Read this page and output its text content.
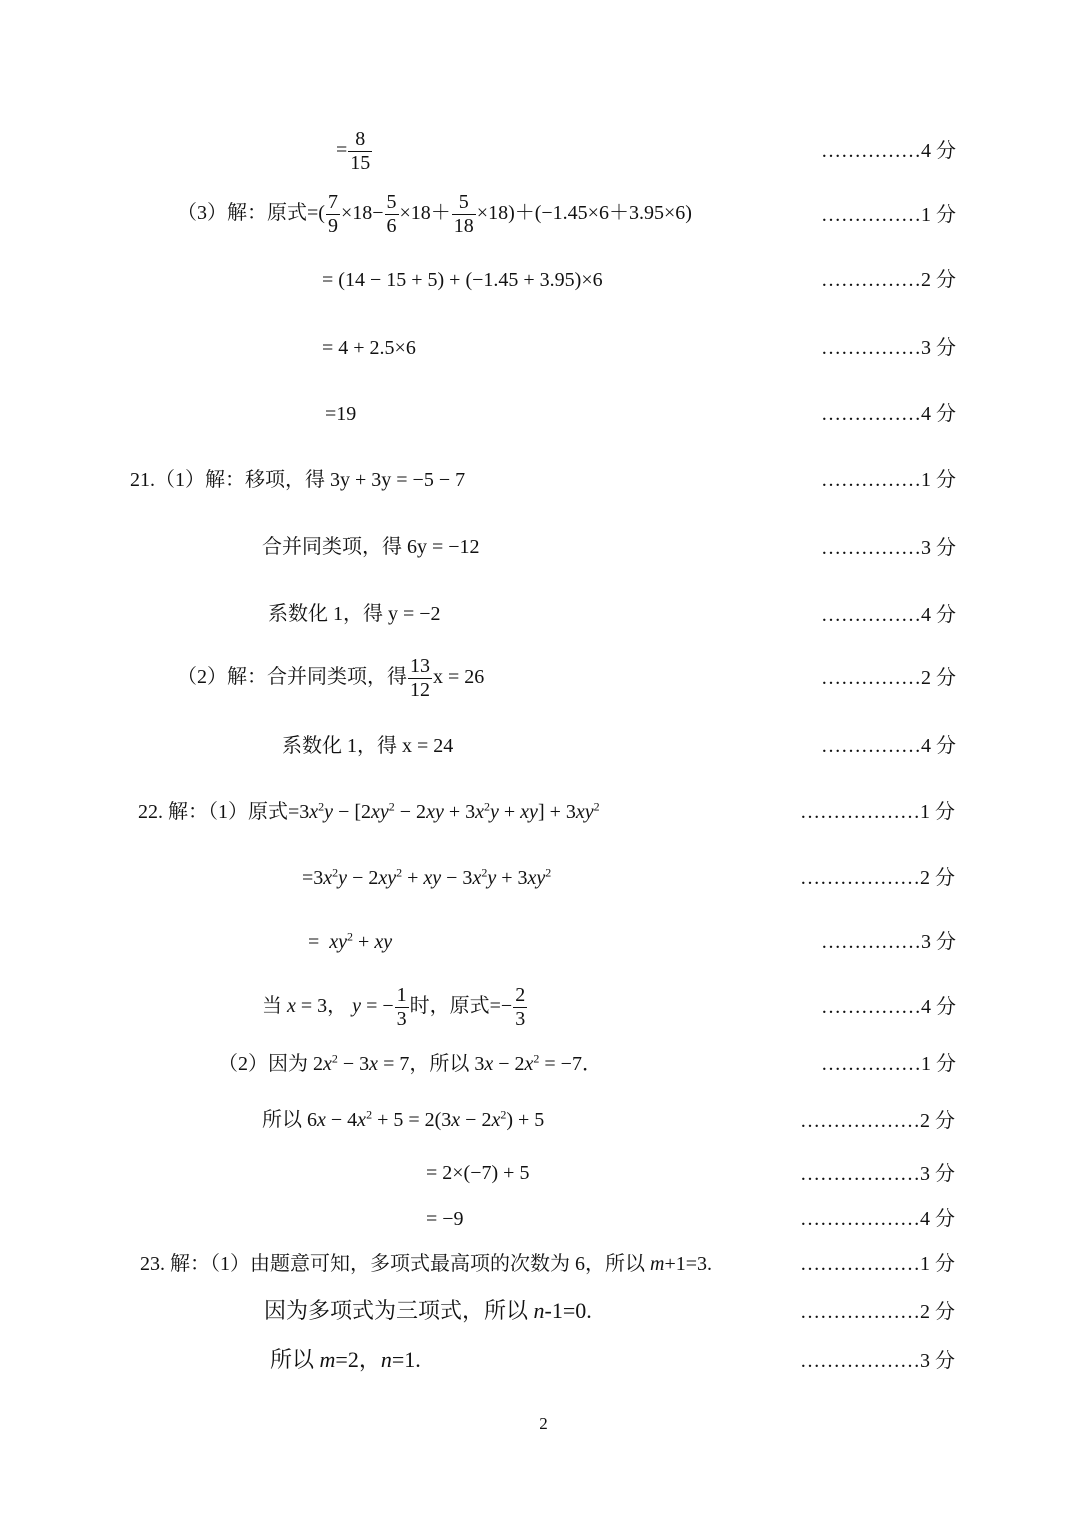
= $\frac{8}{15}$	……………4 分
（3）解：原式=( $\frac{7}{9} \times 18- \frac{5}{6} \times 18+ \frac{5}{18} \times 18)+(-1.45\times 6+3.95\times 6)$	……………1 分
= (14 − 15 + 5) + (−1.45 + 3.95)×6	……………2 分
= 4 + 2.5×6	……………3 分
=19	……………4 分
21.（1）解：移项，得 3y + 3y = −5 − 7	……………1 分
合并同类项，得 6y = −12	……………3 分
系数化 1，得 y = −2	……………4 分
（2）解：合并同类项，得 $\frac{13}{12}$ x = 26	……………2 分
系数化 1，得 x = 24	……………4 分
22. 解：（1）原式$=3x^2y - [2xy^2 - 2xy + 3x^2y + xy] + 3xy^2$	………………1 分
$=3x^2y - 2xy^2$ + xy − $3x^2y + 3xy^2$	………………2 分
=  $xy^2$ + xy	……………3 分
当 x = 3， y = − $\frac{1}{3}$ 时，原式=− $\frac{2}{3}$	……………4 分
（2）因为 $2x^2 - 3x = 7$，所以 $3x - 2x^2 = -7$．	……………1 分
所以 $6x - 4x^2 + 5 = 2(3x - 2x^2) + 5$	………………2 分
= 2×(−7) + 5	………………3 分
= −9	………………4 分
23. 解：（1）由题意可知，多项式最高项的次数为 6，所以 m+1=3.	………………1 分
因为多项式为三项式，所以 n-1=0.	………………2 分
所以 m=2，n=1.	………………3 分
2
